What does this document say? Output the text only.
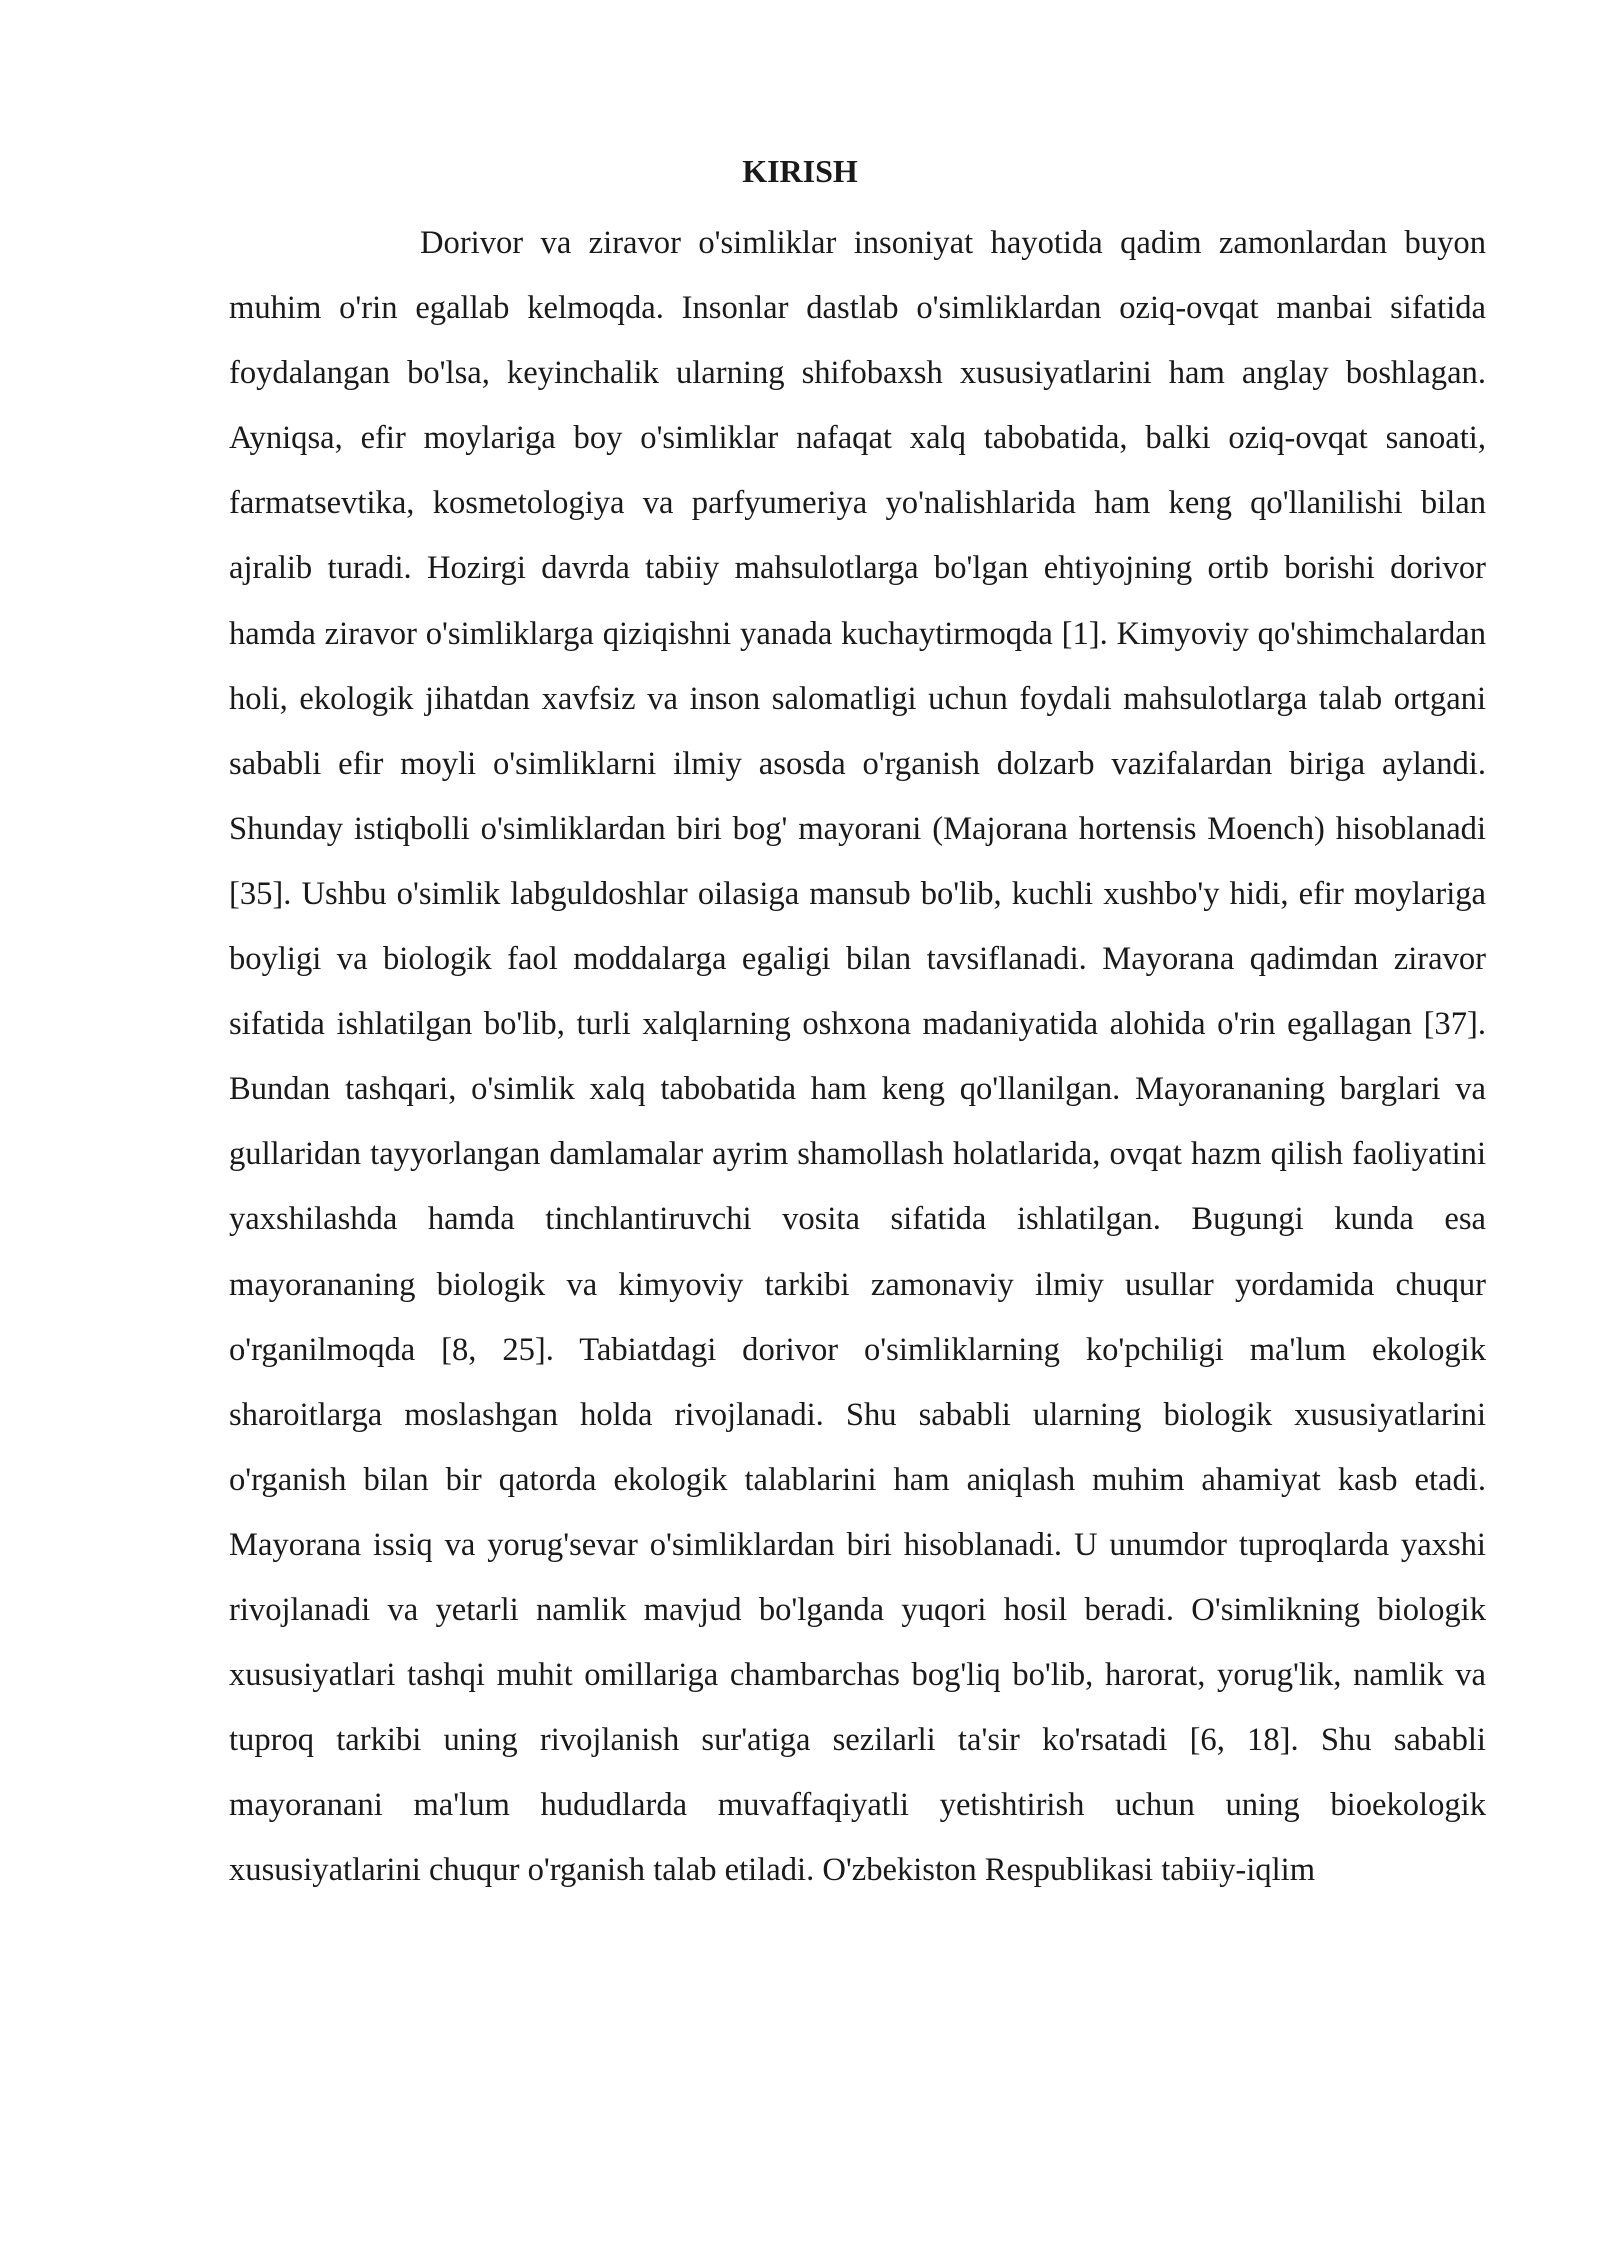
KIRISH

Dorivor va ziravor o'simliklar insoniyat hayotida qadim zamonlardan buyon muhim o'rin egallab kelmoqda. Insonlar dastlab o'simliklardan oziq-ovqat manbai sifatida foydalangan bo'lsa, keyinchalik ularning shifobaxsh xususiyatlarini ham anglay boshlagan. Ayniqsa, efir moylariga boy o'simliklar nafaqat xalq tabobatida, balki oziq-ovqat sanoati, farmatsevtika, kosmetologiya va parfyumeriya yo'nalishlarida ham keng qo'llanilishi bilan ajralib turadi. Hozirgi davrda tabiiy mahsulotlarga bo'lgan ehtiyojning ortib borishi dorivor hamda ziravor o'simliklarga qiziqishni yanada kuchaytirmoqda [1]. Kimyoviy qo'shimchalardan holi, ekologik jihatdan xavfsiz va inson salomatligi uchun foydali mahsulotlarga talab ortgani sababli efir moyli o'simliklarni ilmiy asosda o'rganish dolzarb vazifalardan biriga aylandi. Shunday istiqbolli o'simliklardan biri bog' mayorani (Majorana hortensis Moench) hisoblanadi [35]. Ushbu o'simlik labguldoshlar oilasiga mansub bo'lib, kuchli xushbo'y hidi, efir moylariga boyligi va biologik faol moddalarga egaligi bilan tavsiflanadi. Mayorana qadimdan ziravor sifatida ishlatilgan bo'lib, turli xalqlarning oshxona madaniyatida alohida o'rin egallagan [37]. Bundan tashqari, o'simlik xalq tabobatida ham keng qo'llanilgan. Mayorananing barglari va gullaridan tayyorlangan damlamalar ayrim shamollash holatlarida, ovqat hazm qilish faoliyatini yaxshilashda hamda tinchlantiruvchi vosita sifatida ishlatilgan. Bugungi kunda esa mayorananing biologik va kimyoviy tarkibi zamonaviy ilmiy usullar yordamida chuqur o'rganilmoqda [8, 25]. Tabiatdagi dorivor o'simliklarning ko'pchiligi ma'lum ekologik sharoitlarga moslashgan holda rivojlanadi. Shu sababli ularning biologik xususiyatlarini o'rganish bilan bir qatorda ekologik talablarini ham aniqlash muhim ahamiyat kasb etadi. Mayorana issiq va yorug'sevar o'simliklardan biri hisoblanadi. U unumdor tuproqlarda yaxshi rivojlanadi va yetarli namlik mavjud bo'lganda yuqori hosil beradi. O'simlikning biologik xususiyatlari tashqi muhit omillariga chambarchas bog'liq bo'lib, harorat, yorug'lik, namlik va tuproq tarkibi uning rivojlanish sur'atiga sezilarli ta'sir ko'rsatadi [6, 18]. Shu sababli mayoranani ma'lum hududlarda muvaffaqiyatli yetishtirish uchun uning bioekologik xususiyatlarini chuqur o'rganish talab etiladi. O'zbekiston Respublikasi tabiiy-iqlim
